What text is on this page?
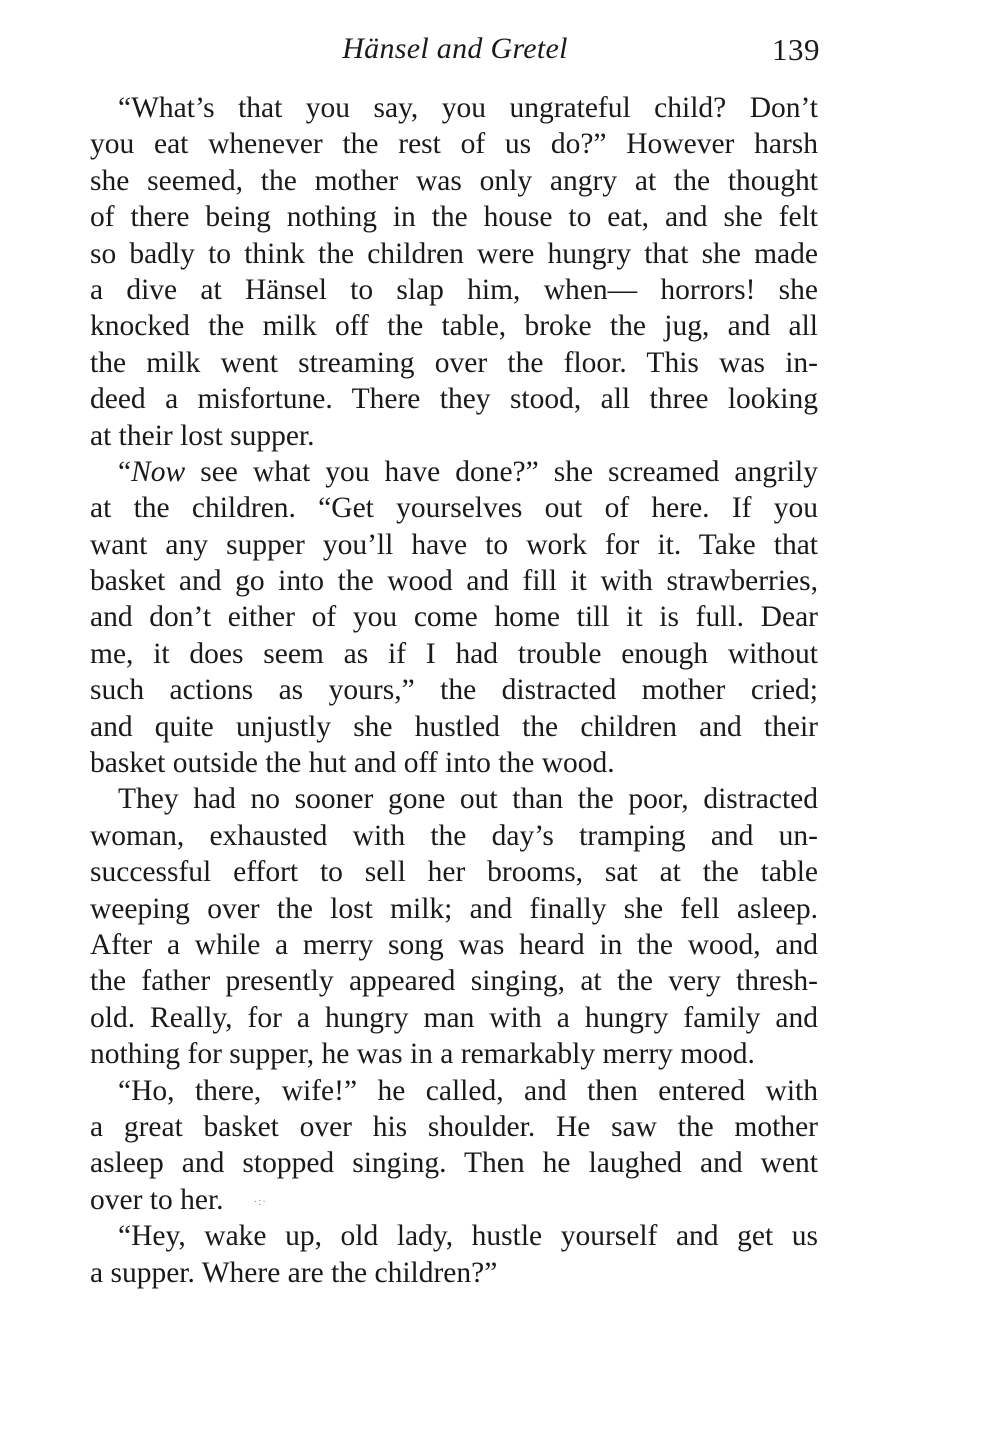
Hänsel and Gretel	139
“What’s that you say, you ungrateful child? Don’t
you eat whenever the rest of us do?” However harsh
she seemed, the mother was only angry at the thought
of there being nothing in the house to eat, and she felt
so badly to think the children were hungry that she made
a dive at Hänsel to slap him, when— horrors! she
knocked the milk off the table, broke the jug, and all
the milk went streaming over the floor. This was in-
deed a misfortune. There they stood, all three looking
at their lost supper.
“Now see what you have done?” she screamed angrily
at the children. “Get yourselves out of here. If you
want any supper you’ll have to work for it. Take that
basket and go into the wood and fill it with strawberries,
and don’t either of you come home till it is full. Dear
me, it does seem as if I had trouble enough without
such actions as yours,” the distracted mother cried;
and quite unjustly she hustled the children and their
basket outside the hut and off into the wood.
They had no sooner gone out than the poor, distracted
woman, exhausted with the day’s tramping and un-
successful effort to sell her brooms, sat at the table
weeping over the lost milk; and finally she fell asleep.
After a while a merry song was heard in the wood, and
the father presently appeared singing, at the very thresh-
old. Really, for a hungry man with a hungry family and
nothing for supper, he was in a remarkably merry mood.
“Ho, there, wife!” he called, and then entered with
a great basket over his shoulder. He saw the mother
asleep and stopped singing. Then he laughed and went
over to her.	·:·
“Hey, wake up, old lady, hustle yourself and get us
a supper. Where are the children?”
